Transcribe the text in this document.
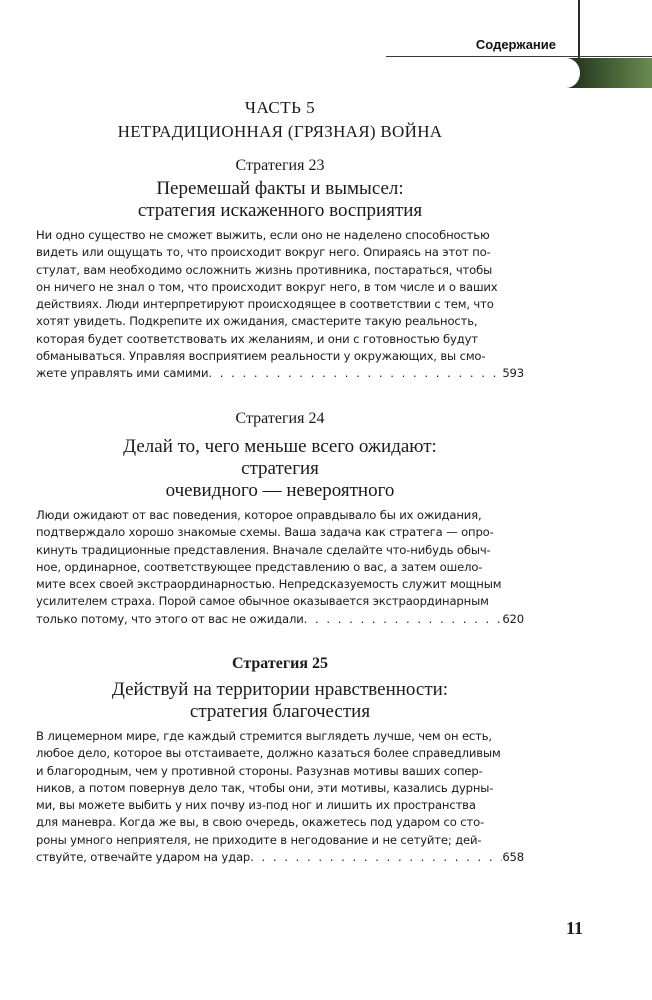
Содержание

ЧАСТЬ 5

НЕТРАДИЦИОННАЯ (ГРЯЗНАЯ) ВОЙНА

Стратегия 23

Перемешай факты и вымысел:

стратегия искаженного восприятия

Ни одно существо не сможет выжить, если оно не наделено способностью
видеть или ощущать то, что происходит вокруг него. Опираясь на этот по-
стулат, вам необходимо осложнить жизнь противника, постараться, чтобы
он ничего не знал о том, что происходит вокруг него, в том числе и о ваших
действиях. Люди интерпретируют происходящее в соответствии с тем, что
хотят увидеть. Подкрепите их ожидания, смастерите такую реальность,
которая будет соответствовать их желаниям, и они с готовностью будут
обманываться. Управляя восприятием реальности у окружающих, вы смо-
жете управлять ими самими . . .	593

Стратегия 24

Делай то, чего меньше всего ожидают:

стратегия

очевидного — невероятного

Люди ожидают от вас поведения, которое оправдывало бы их ожидания,
подтверждало хорошо знакомые схемы. Ваша задача как стратега — опро-
кинуть традиционные представления. Вначале сделайте что-нибудь обыч-
ное, ординарное, соответствующее представлению о вас, а затем ошело-
мите всех своей экстраординарностью. Непредсказуемость служит мощным
усилителем страха. Порой самое обычное оказывается экстраординарным
только потому, что этого от вас не ожидали . . .	620

Стратегия 25

Действуй на территории нравственности:

стратегия благочестия

В лицемерном мире, где каждый стремится выглядеть лучше, чем он есть,
любое дело, которое вы отстаиваете, должно казаться более справедливым
и благородным, чем у противной стороны. Разузнав мотивы ваших сопер-
ников, а потом повернув дело так, чтобы они, эти мотивы, казались дурны-
ми, вы можете выбить у них почву из-под ног и лишить их пространства
для маневра. Когда же вы, в свою очередь, окажетесь под ударом со сто-
роны умного неприятеля, не приходите в негодование и не сетуйте; дей-
ствуйте, отвечайте ударом на удар . . .	658
11
